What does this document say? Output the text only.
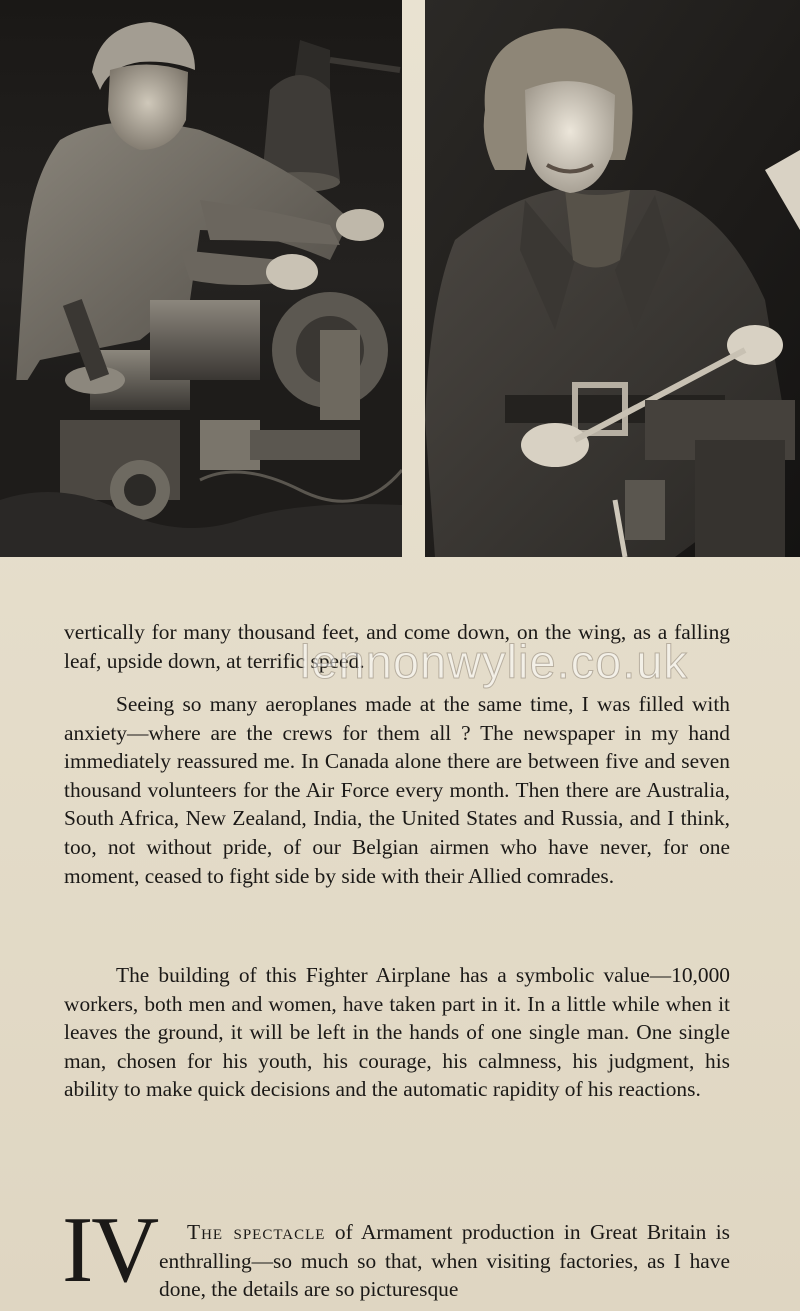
vertically for many thousand feet, and come down, on the wing, as a falling leaf, upside down, at terrific speed.

Seeing so many aeroplanes made at the same time, I was filled with anxiety—where are the crews for them all ? The newspaper in my hand immediately reassured me. In Canada alone there are between five and seven thousand volunteers for the Air Force every month. Then there are Australia, South Africa, New Zealand, India, the United States and Russia, and I think, too, not without pride, of our Belgian airmen who have never, for one moment, ceased to fight side by side with their Allied comrades.

The building of this Fighter Airplane has a symbolic value—10,000 workers, both men and women, have taken part in it. In a little while when it leaves the ground, it will be left in the hands of one single man. One single man, chosen for his youth, his courage, his calmness, his judgment, his ability to make quick decisions and the automatic rapidity of his reactions.

lennonwylie.co.uk
IV	The spectacle of Armament production in Great Britain is enthralling—so much so that, when visiting factories, as I have done, the details are so picturesque
